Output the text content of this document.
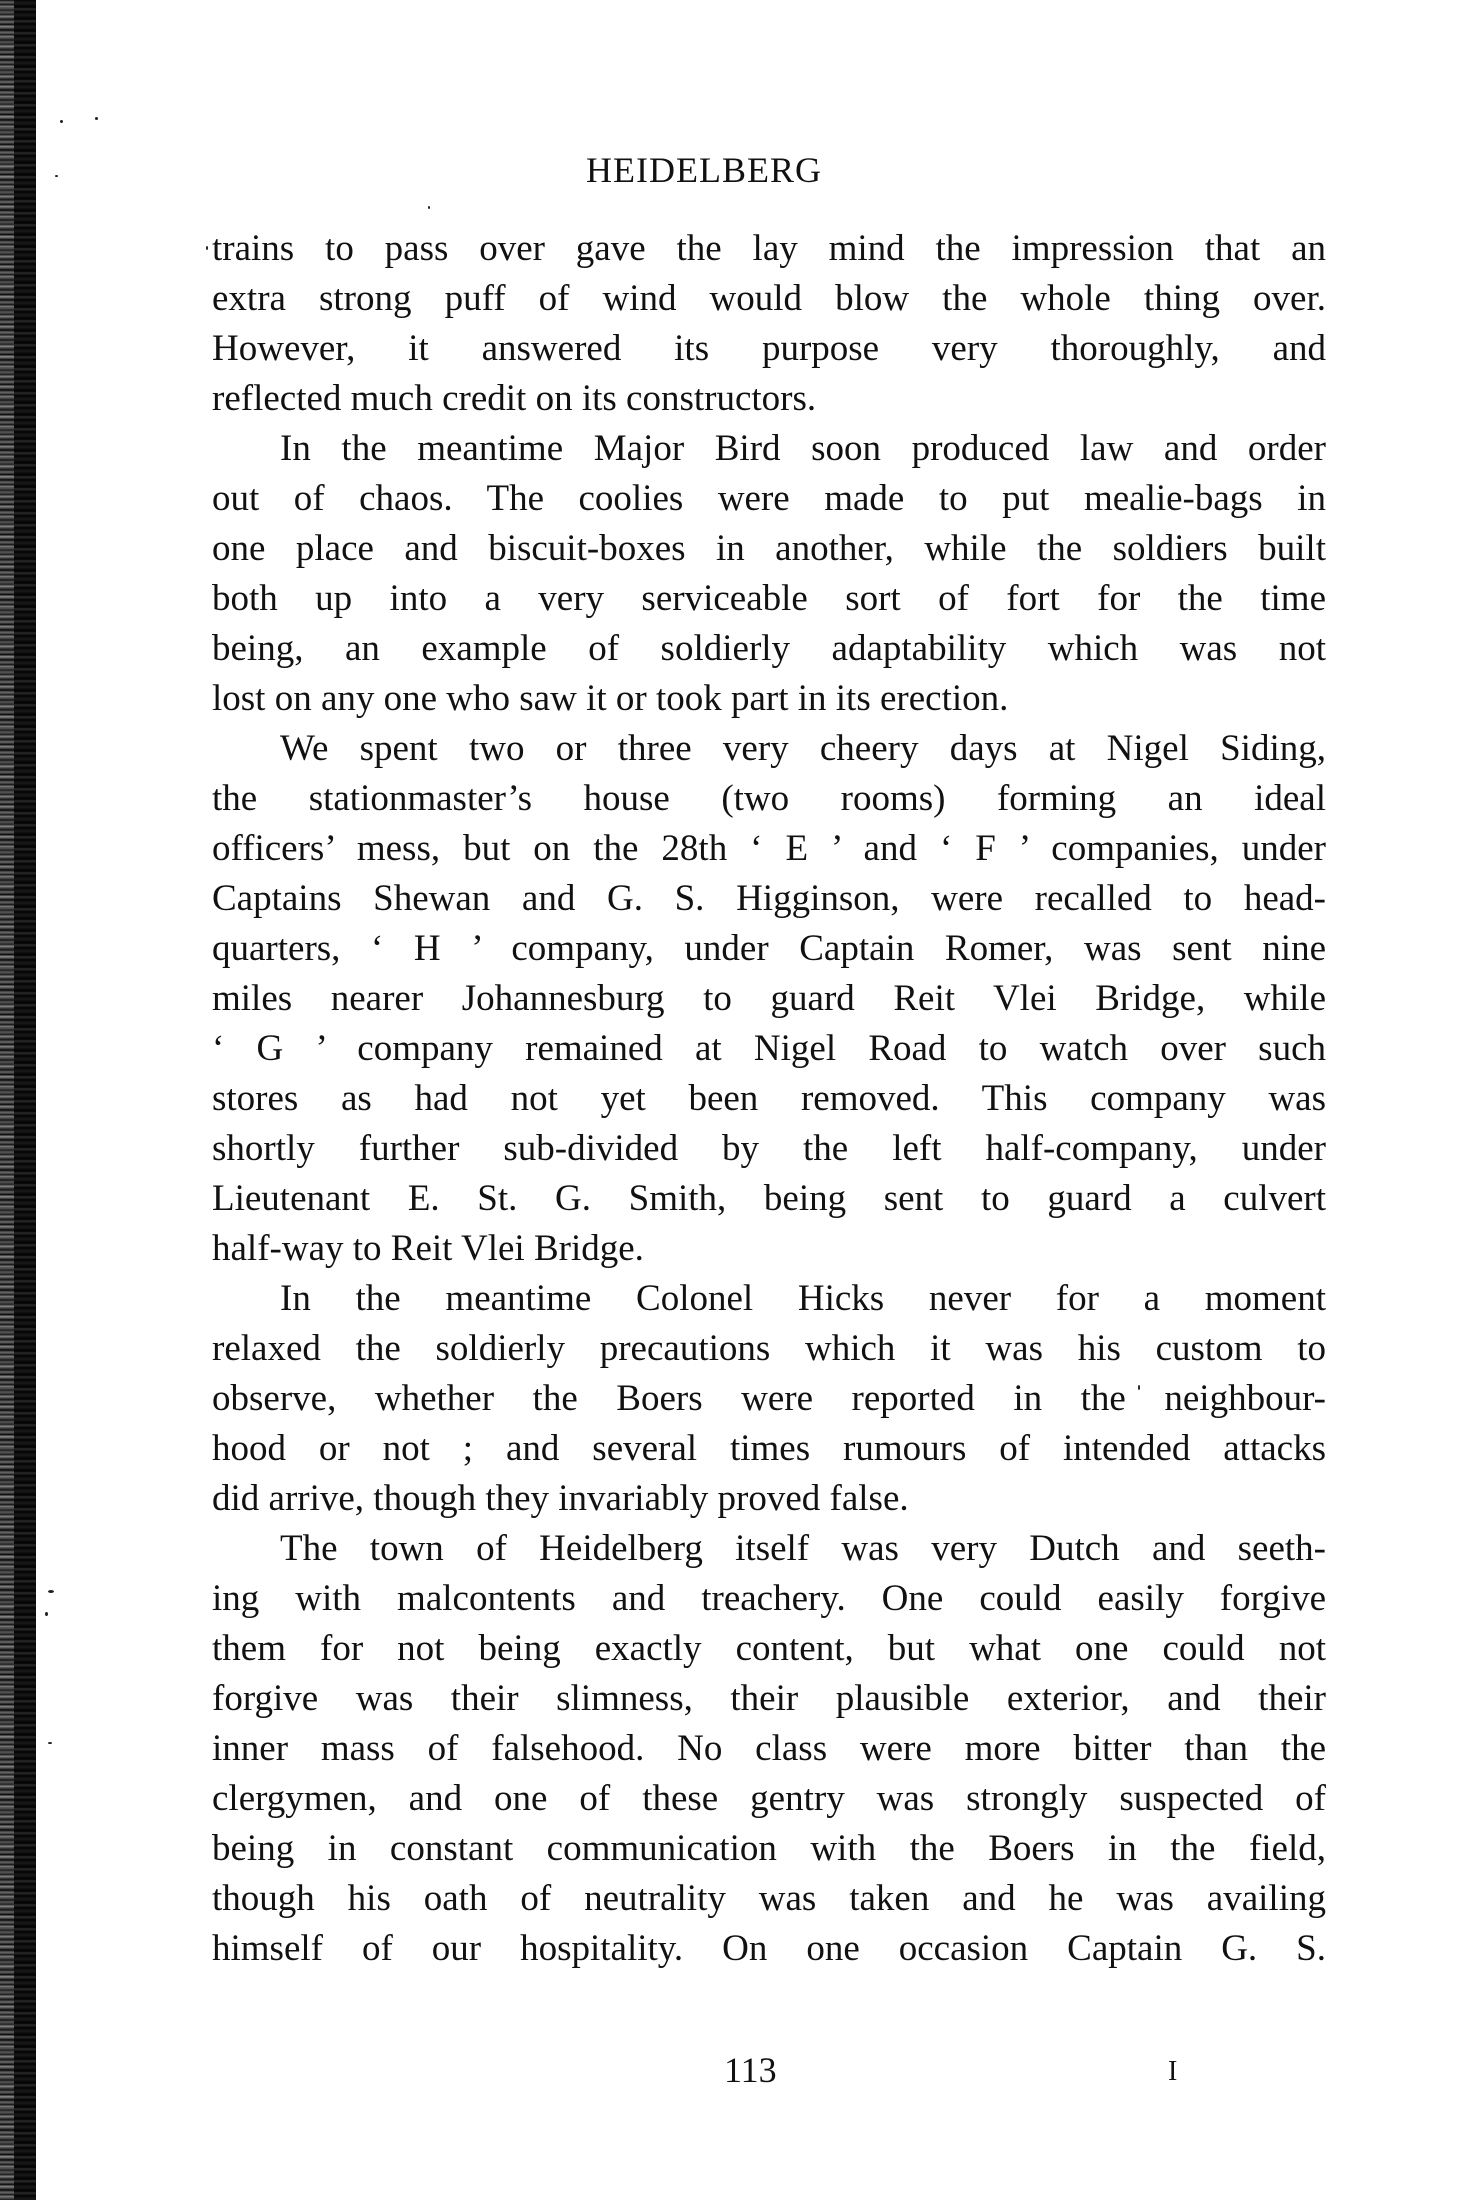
HEIDELBERG
trains to pass over gave the lay mind the impression that an
extra strong puff of wind would blow the whole thing over.
However, it answered its purpose very thoroughly, and
reflected much credit on its constructors.
In the meantime Major Bird soon produced law and order
out of chaos. The coolies were made to put mealie-bags in
one place and biscuit-boxes in another, while the soldiers built
both up into a very serviceable sort of fort for the time
being, an example of soldierly adaptability which was not
lost on any one who saw it or took part in its erection.
We spent two or three very cheery days at Nigel Siding,
the stationmaster’s house (two rooms) forming an ideal
officers’ mess, but on the 28th ‘ E ’ and ‘ F ’ companies, under
Captains Shewan and G. S. Higginson, were recalled to head-
quarters, ‘ H ’ company, under Captain Romer, was sent nine
miles nearer Johannesburg to guard Reit Vlei Bridge, while
‘ G ’ company remained at Nigel Road to watch over such
stores as had not yet been removed. This company was
shortly further sub-divided by the left half-company, under
Lieutenant E. St. G. Smith, being sent to guard a culvert
half-way to Reit Vlei Bridge.
In the meantime Colonel Hicks never for a moment
relaxed the soldierly precautions which it was his custom to
observe, whether the Boers were reported in the neighbour-
hood or not ; and several times rumours of intended attacks
did arrive, though they invariably proved false.
The town of Heidelberg itself was very Dutch and seeth-
ing with malcontents and treachery. One could easily forgive
them for not being exactly content, but what one could not
forgive was their slimness, their plausible exterior, and their
inner mass of falsehood. No class were more bitter than the
clergymen, and one of these gentry was strongly suspected of
being in constant communication with the Boers in the field,
though his oath of neutrality was taken and he was availing
himself of our hospitality. On one occasion Captain G. S.
113	I
